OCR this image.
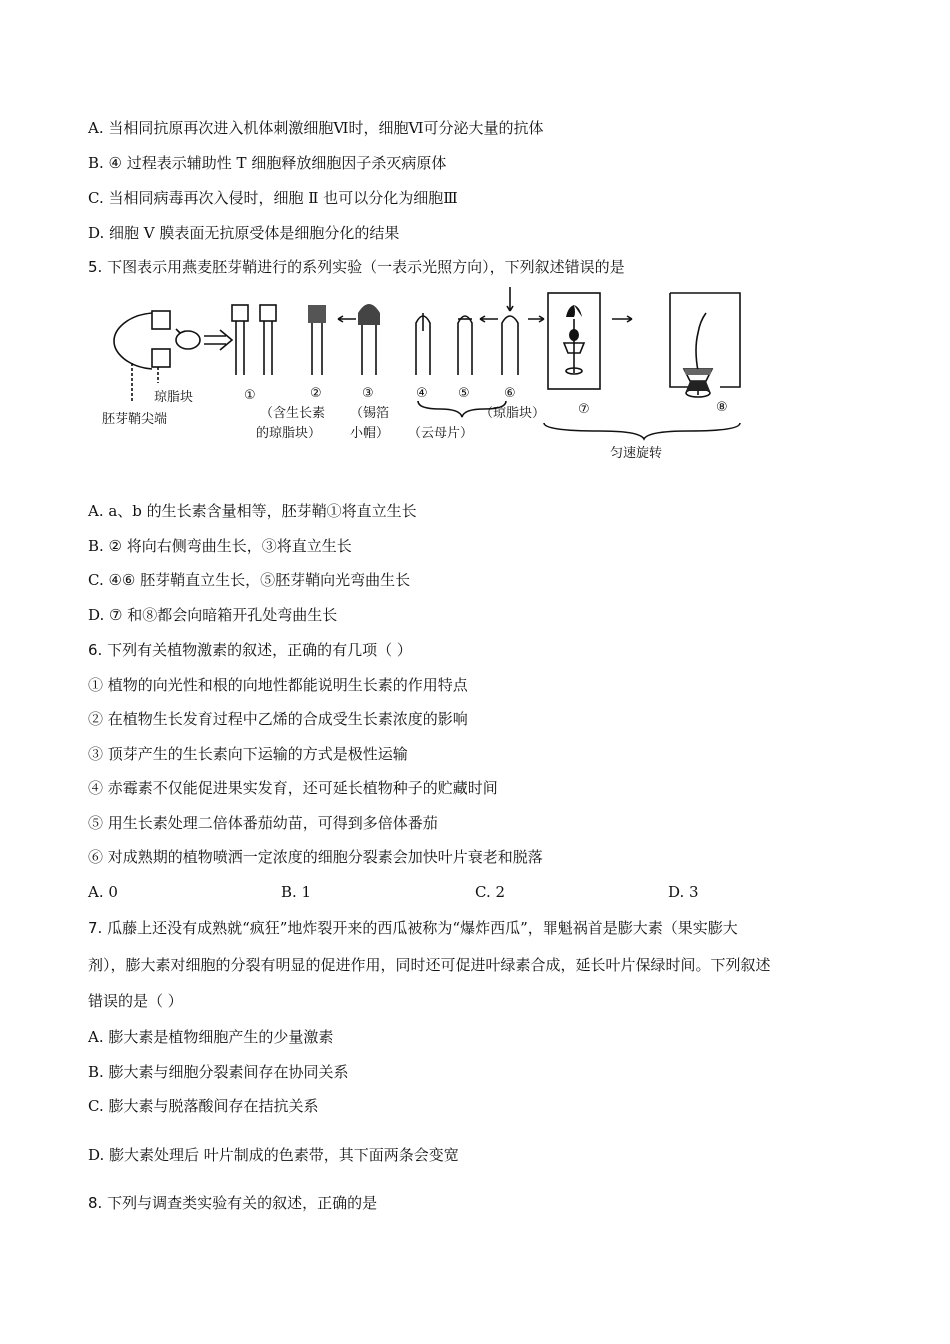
A. 当相同抗原再次进入机体刺激细胞Ⅵ时，细胞Ⅵ可分泌大量的抗体
B. ④ 过程表示辅助性 T 细胞释放细胞因子杀灭病原体
C. 当相同病毒再次入侵时，细胞 Ⅱ 也可以分化为细胞Ⅲ
D. 细胞 Ⅴ 膜表面无抗原受体是细胞分化的结果
5. 下图表示用燕麦胚芽鞘进行的系列实验（一表示光照方向），下列叙述错误的是
琼脂块
胚芽鞘尖端
①	②	③	④ ⑤	⑥
⑦	⑧
（含生长素
的琼脂块）
（锡箔
小帽） （云母片）
（琼脂块）
匀速旋转
A. a、b 的生长素含量相等，胚芽鞘①将直立生长
B. ② 将向右侧弯曲生长，③将直立生长
C. ④⑥ 胚芽鞘直立生长，⑤胚芽鞘向光弯曲生长
D. ⑦ 和⑧都会向暗箱开孔处弯曲生长
6. 下列有关植物激素的叙述，正确的有几项（ ）
① 植物的向光性和根的向地性都能说明生长素的作用特点
② 在植物生长发育过程中乙烯的合成受生长素浓度的影响
③ 顶芽产生的生长素向下运输的方式是极性运输
④ 赤霉素不仅能促进果实发育，还可延长植物种子的贮藏时间
⑤ 用生长素处理二倍体番茄幼苗，可得到多倍体番茄
⑥ 对成熟期的植物喷洒一定浓度的细胞分裂素会加快叶片衰老和脱落
A. 0	B. 1	C. 2	D. 3
7. 瓜藤上还没有成熟就“疯狂”地炸裂开来的西瓜被称为“爆炸西瓜”，罪魁祸首是膨大素（果实膨大
剂），膨大素对细胞的分裂有明显的促进作用，同时还可促进叶绿素合成，延长叶片保绿时间。下列叙述
错误的是（ ）
A. 膨大素是植物细胞产生的少量激素
B. 膨大素与细胞分裂素间存在协同关系
C. 膨大素与脱落酸间存在拮抗关系
D. 膨大素处理后 叶片制成的色素带，其下面两条会变宽
8. 下列与调查类实验有关的叙述，正确的是
